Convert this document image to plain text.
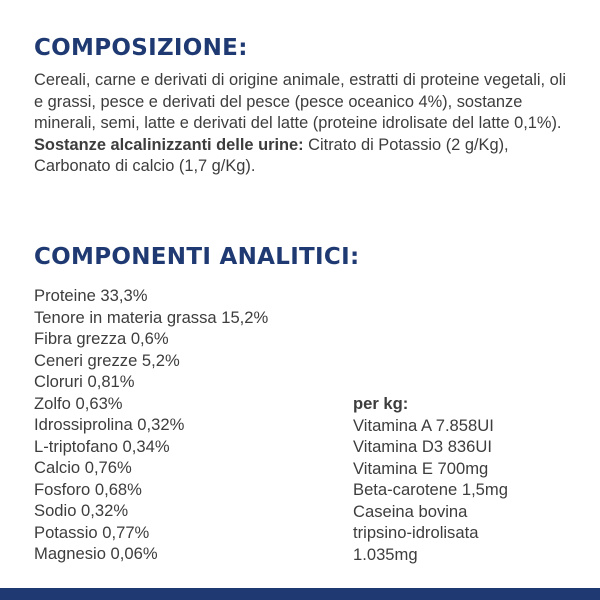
COMPOSIZIONE:

Cereali, carne e derivati di origine animale, estratti di proteine vegetali, oli e grassi, pesce e derivati del pesce (pesce oceanico 4%), sostanze minerali, semi, latte e derivati del latte (proteine idrolisate del latte 0,1%). Sostanze alcalinizzanti delle urine: Citrato di Potassio (2 g/Kg), Carbonato di calcio (1,7 g/Kg).

COMPONENTI ANALITICI:
Proteine 33,3%
Tenore in materia grassa 15,2%
Fibra grezza 0,6%
Ceneri grezze 5,2%
Cloruri 0,81%
Zolfo 0,63%
Idrossiprolina 0,32%
L-triptofano 0,34%
Calcio 0,76%
Fosforo 0,68%
Sodio 0,32%
Potassio 0,77%
Magnesio 0,06%
per kg:
Vitamina A 7.858UI
Vitamina D3 836UI
Vitamina E 700mg
Beta-carotene 1,5mg
Caseina bovina
tripsino-idrolisata
1.035mg
